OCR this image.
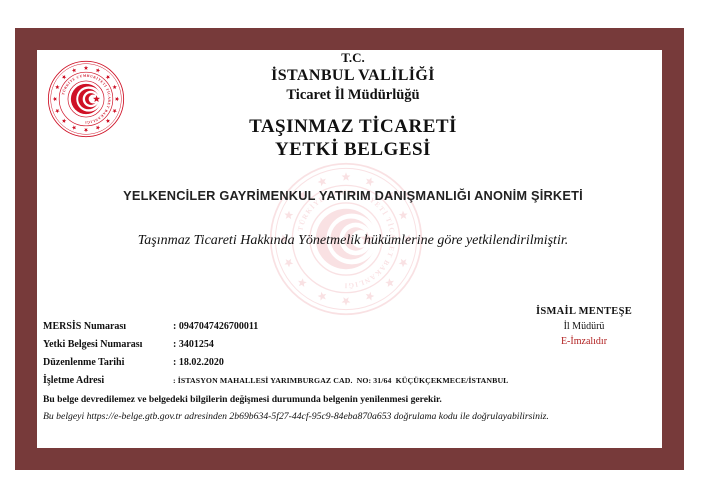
T.C.
İSTANBUL VALİLİĞİ
Ticaret İl Müdürlüğü
TAŞINMAZ TİCARETİ
YETKİ BELGESİ
YELKENCİLER GAYRİMENKUL YATIRIM DANIŞMANLIĞI ANONİM ŞİRKETİ
Taşınmaz Ticareti Hakkında Yönetmelik hükümlerine göre yetkilendirilmiştir.
İSMAİL MENTEŞE
İl Müdürü
E-İmzalıdır
MERSİS Numarası	: 0947047426700011
Yetki Belgesi Numarası	: 3401254
Düzenlenme Tarihi	: 18.02.2020
İşletme Adresi	: İSTASYON MAHALLESİ YARIMBURGAZ CAD.  NO: 31/64  KÜÇÜKÇEKMECE/İSTANBUL
Bu belge devredilemez ve belgedeki bilgilerin değişmesi durumunda belgenin yenilenmesi gerekir.
Bu belgeyi https://e-belge.gtb.gov.tr adresinden 2b69b634-5f27-44cf-95c9-84eba870a653 doğrulama kodu ile doğrulayabilirsiniz.
